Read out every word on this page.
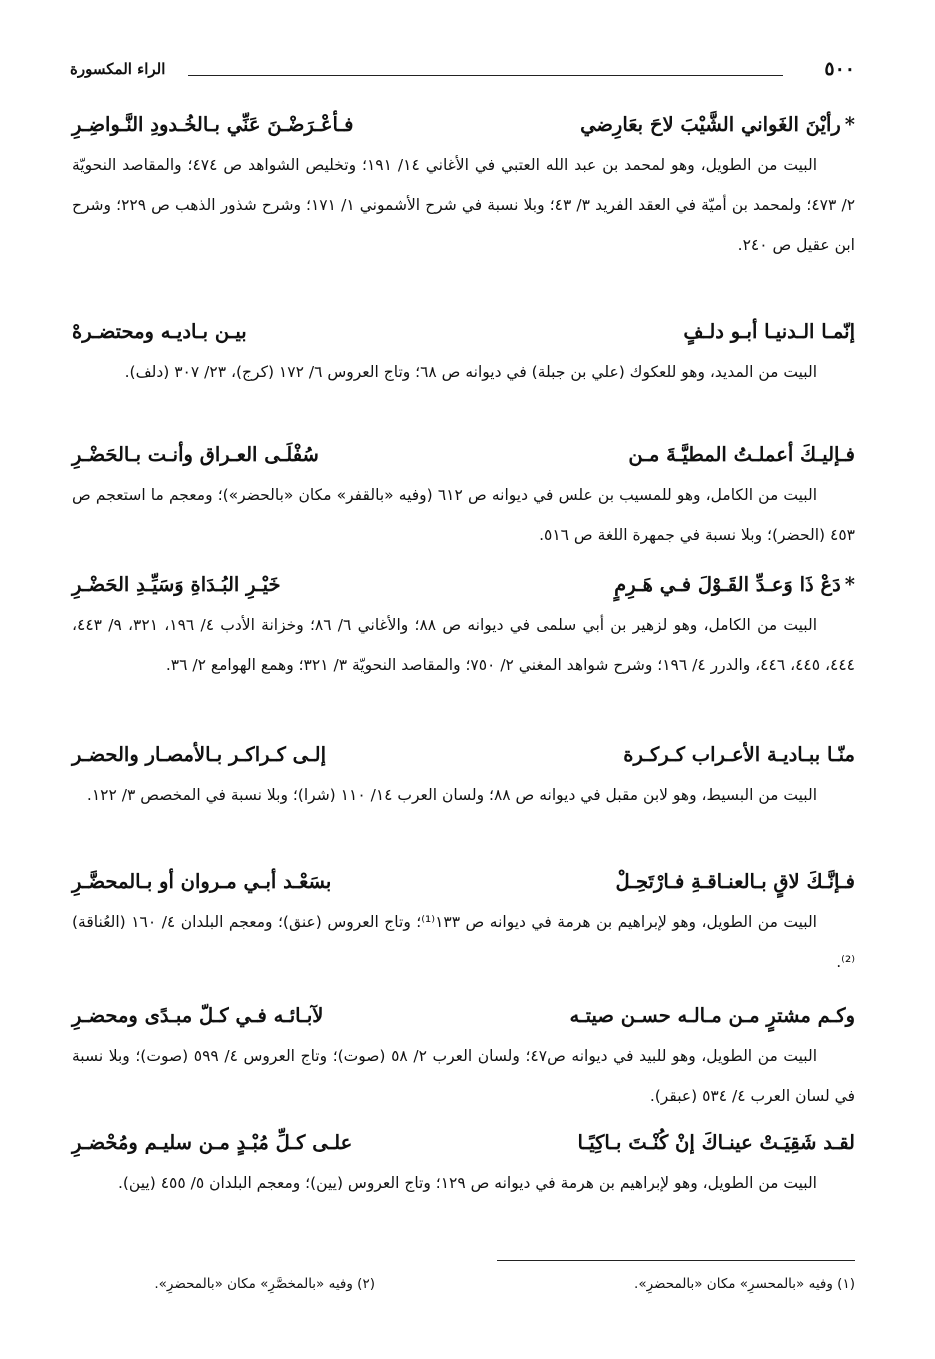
٥٠٠
الراء المكسورة
*رأيْنَ الغَواني الشَّيْبَ لاحَ بعَارِضي
فـأعْـرَضْـنَ عَنِّي بـالخُـدودِ النَّـواضِـرِ

البيت من الطويل، وهو لمحمد بن عبد الله العتبي في الأغاني ١٤/ ١٩١؛ وتخليص الشواهد ص ٤٧٤؛ والمقاصد النحويّة ٢/ ٤٧٣؛ ولمحمد بن أميّة في العقد الفريد ٣/ ٤٣؛ وبلا نسبة في شرح الأشموني ١/ ١٧١؛ وشرح شذور الذهب ص ٢٢٩؛ وشرح ابن عقيل ص ٢٤٠.

إنّمـا الـدنيـا أبـو دلـفٍ
بيـن بـاديـه ومحتضـرهْ

البيت من المديد، وهو للعكوك (علي بن جبلة) في ديوانه ص ٦٨؛ وتاج العروس ٦/ ١٧٢ (كرج)، ٢٣/ ٣٠٧ (دلف).

فـإليـكَ أعملـتُ المطيَّـةَ مـن
سُفْلَـى العـراق وأنـت بـالحَضْـرِ

البيت من الكامل، وهو للمسيب بن علس في ديوانه ص ٦١٢ (وفيه «بالقفر» مكان «بالحضر»)؛ ومعجم ما استعجم ص ٤٥٣ (الحضر)؛ وبلا نسبة في جمهرة اللغة ص ٥١٦.

*دَعْ ذَا وَعـدِّ القَـوْلَ فـي هَـرِمٍ
خَيْـرِ البُـدَاةِ وَسَيِّـدِ الحَضْـرِ

البيت من الكامل، وهو لزهير بن أبي سلمى في ديوانه ص ٨٨؛ والأغاني ٦/ ٨٦؛ وخزانة الأدب ٤/ ١٩٦، ٣٢١، ٩/ ٤٤٣، ٤٤٤، ٤٤٥، ٤٤٦، والدرر ٤/ ١٩٦؛ وشرح شواهد المغني ٢/ ٧٥٠؛ والمقاصد النحويّة ٣/ ٣٢١؛ وهمع الهوامع ٢/ ٣٦.

منّـا ببـاديـة الأعـراب كـركـرة
إلـى كـراكـر بـالأمصـار والحضـر

البيت من البسيط، وهو لابن مقبل في ديوانه ص ٨٨؛ ولسان العرب ١٤/ ١١٠ (شرا)؛ وبلا نسبة في المخصص ٣/ ١٢٢.

فـإنَّـكَ لاقٍ بـالعنـاقـةِ فـارْتَحِـلْ
بسَعْـد أبـي مـروان أو بـالمحضَّـرِ

البيت من الطويل، وهو لإبراهيم بن هرمة في ديوانه ص ١٣٣⁽¹⁾؛ وتاج العروس (عنق)؛ ومعجم البلدان ٤/ ١٦٠ (العُناقة)⁽²⁾.

وكـم مشترٍ مـن مـالـه حسـن صيتـه
لآبـائـه فـي كـلّ مبـدًى ومحضـرِ

البيت من الطويل، وهو للبيد في ديوانه ص٤٧؛ ولسان العرب ٢/ ٥٨ (صوت)؛ وتاج العروس ٤/ ٥٩٩ (صوت)؛ وبلا نسبة في لسان العرب ٤/ ٥٣٤ (عبقر).

لقـد شَقِيَـتْ عينـاكَ إنْ كُنْـتَ بـاكِيًـا
علـى كـلِّ مُبْـدٍ مـن سليـم ومُحْضـرِ

البيت من الطويل، وهو لإبراهيم بن هرمة في ديوانه ص ١٢٩؛ وتاج العروس (يين)؛ ومعجم البلدان ٥/ ٤٥٥ (يين).

(١) وفيه «بالمحسرِ» مكان «بالمحضرِ».
(٢) وفيه «بالمخصَّرِ» مكان «بالمحضرِ».
